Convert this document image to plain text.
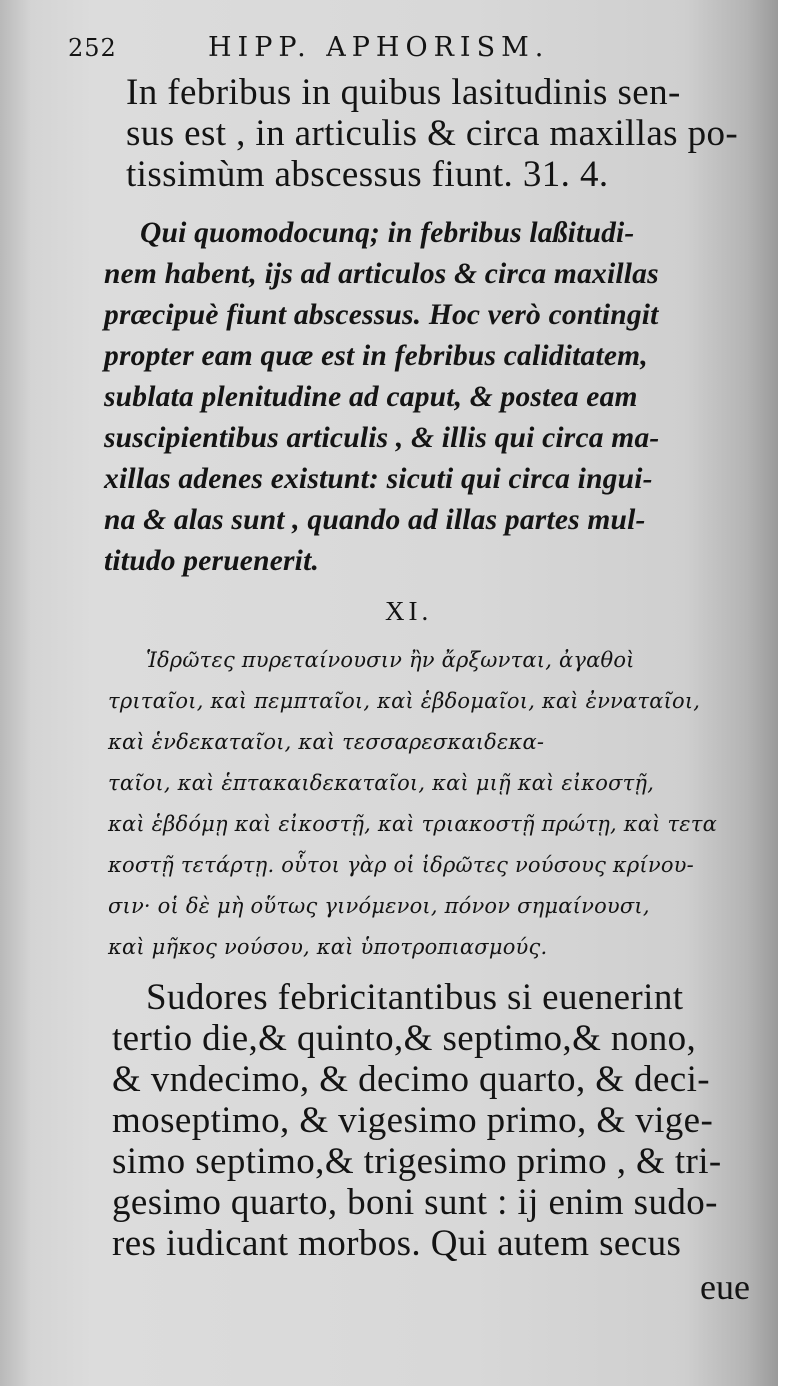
252	HIPP. APHORISM.
In febribus in quibus lasitudinis sen-
sus est , in articulis & circa maxillas po-
tissimùm abscessus fiunt. 31. 4.
Qui quomodocunq; in febribus laßitudi-
nem habent, ijs ad articulos & circa maxillas
præcipuè fiunt abscessus. Hoc verò contingit
propter eam quæ est in febribus caliditatem,
sublata plenitudine ad caput, & postea eam
suscipientibus articulis , & illis qui circa ma-
xillas adenes existunt: sicuti qui circa ingui-
na & alas sunt , quando ad illas partes mul-
titudo peruenerit.
XI.
Ἱδρῶτες πυρεταίνουσιν ἢν ἄρξωνται, ἀγαθοὶ
τριταῖοι, καὶ πεμπταῖοι, καὶ ἑβδομαῖοι, καὶ ἐνναταῖοι,
καὶ ἑνδεκαταῖοι, καὶ τεσσαρεσκαιδεκα-
ταῖοι, καὶ ἑπτακαιδεκαταῖοι, καὶ μιῇ καὶ εἰκοστῇ,
καὶ ἑβδόμῃ καὶ εἰκοστῇ, καὶ τριακοστῇ πρώτῃ, καὶ τετα
κοστῇ τετάρτῃ. οὗτοι γὰρ οἱ ἱδρῶτες νούσους κρίνου-
σιν· οἱ δὲ μὴ οὕτως γινόμενοι, πόνον σημαίνουσι,
καὶ μῆκος νούσου, καὶ ὑποτροπιασμούς.
Sudores febricitantibus si euenerint
tertio die,& quinto,& septimo,& nono,
& vndecimo, & decimo quarto, & deci-
moseptimo, & vigesimo primo, & vige-
simo septimo,& trigesimo primo , & tri-
gesimo quarto, boni sunt : ij enim sudo-
res iudicant morbos. Qui autem secus
eue
